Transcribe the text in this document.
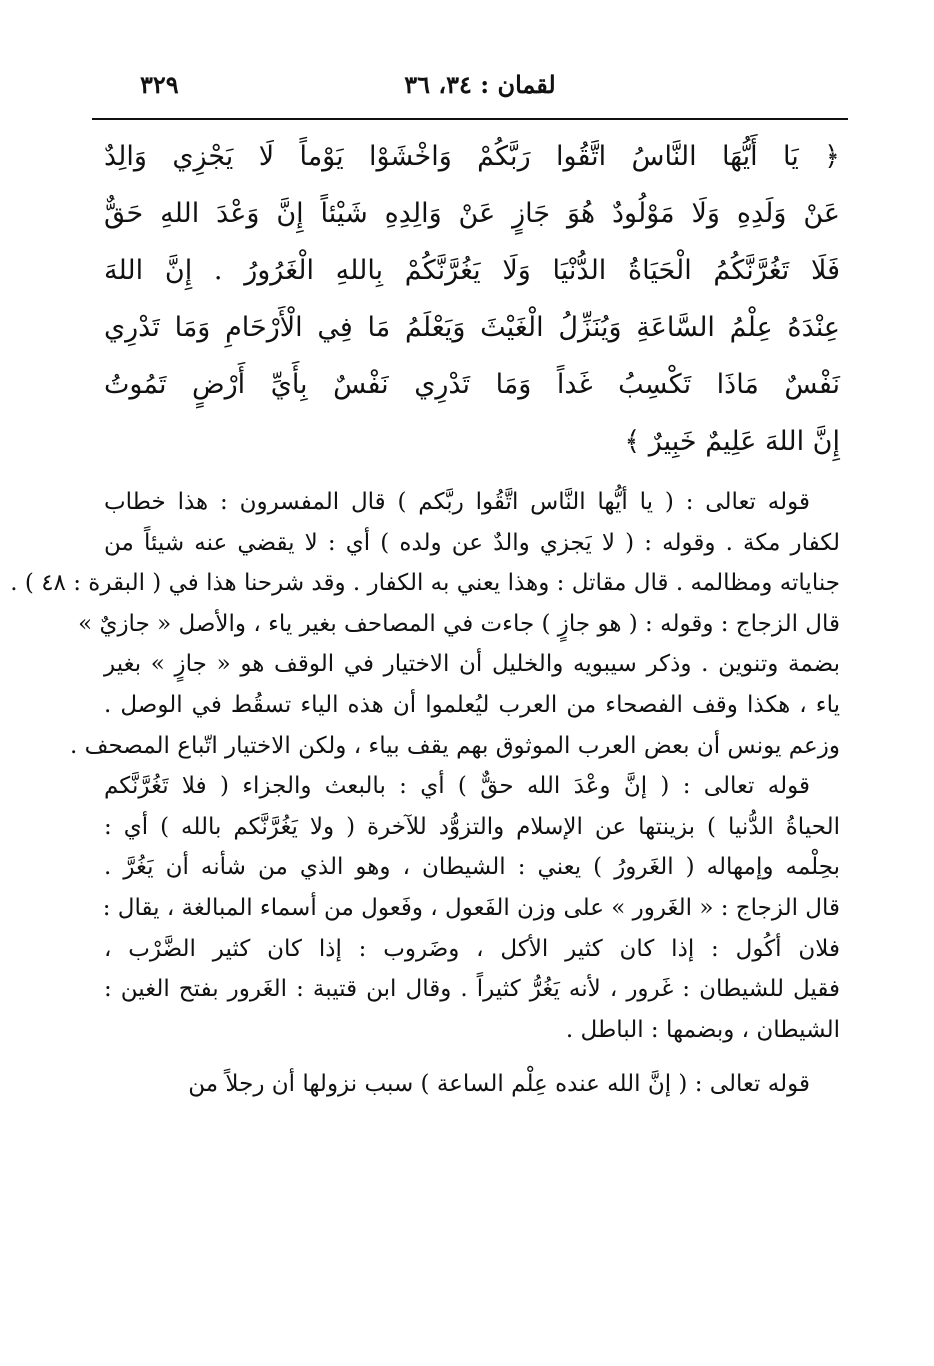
لقمان : ٣٤، ٣٦
٣٢٩
﴿ يَا أَيُّهَا النَّاسُ اتَّقُوا رَبَّكُمْ وَاخْشَوْا يَوْماً لَا يَجْزِي وَالِدٌ
عَنْ وَلَدِهِ وَلَا مَوْلُودٌ هُوَ جَازٍ عَنْ وَالِدِهِ شَيْئاً إِنَّ وَعْدَ اللهِ حَقٌّ
فَلَا تَغُرَّنَّكُمُ الْحَيَاةُ الدُّنْيَا وَلَا يَغُرَّنَّكُمْ بِاللهِ الْغَرُورُ . إِنَّ اللهَ
عِنْدَهُ عِلْمُ السَّاعَةِ وَيُنَزِّلُ الْغَيْثَ وَيَعْلَمُ مَا فِي الْأَرْحَامِ وَمَا تَدْرِي
نَفْسٌ مَاذَا تَكْسِبُ غَداً وَمَا تَدْرِي نَفْسٌ بِأَيِّ أَرْضٍ تَمُوتُ
إِنَّ اللهَ عَلِيمٌ خَبِيرٌ ﴾
قوله تعالى : ( يا أيُّها النَّاس اتَّقُوا ربَّكم ) قال المفسرون : هذا خطاب
لكفار مكة . وقوله : ( لا يَجزي والدٌ عن ولده ) أي : لا يقضي عنه شيئاً من
جناياته ومظالمه . قال مقاتل : وهذا يعني به الكفار . وقد شرحنا هذا في ( البقرة : ٤٨ ) .
قال الزجاج : وقوله : ( هو جازٍ ) جاءت في المصاحف بغير ياء ، والأصل « جازيٌ »
بضمة وتنوين . وذكر سيبويه والخليل أن الاختيار في الوقف هو « جازٍ » بغير
ياء ، هكذا وقف الفصحاء من العرب ليُعلموا أن هذه الياء تسقُط في الوصل .
وزعم يونس أن بعض العرب الموثوق بهم يقف بياء ، ولكن الاختيار اتّباع المصحف .
قوله تعالى : ( إنَّ وعْدَ الله حقٌّ ) أي : بالبعث والجزاء ( فلا تَغُرَّنَّكم
الحياةُ الدُّنيا ) بزينتها عن الإسلام والتزوُّد للآخرة ( ولا يَغُرَّنَّكم بالله ) أي :
بحِلْمه وإمهاله ( الغَرورُ ) يعني : الشيطان ، وهو الذي من شأنه أن يَغُرَّ .
قال الزجاج : « الغَرور » على وزن الفَعول ، وفَعول من أسماء المبالغة ، يقال :
فلان أكُول : إذا كان كثير الأكل ، وضَروب : إذا كان كثير الضَّرْب ،
فقيل للشيطان : غَرور ، لأنه يَغُرُّ كثيراً . وقال ابن قتيبة : الغَرور بفتح الغين :
الشيطان ، وبضمها : الباطل .
قوله تعالى : ( إنَّ الله عنده عِلْم الساعة ) سبب نزولها أن رجلاً من
